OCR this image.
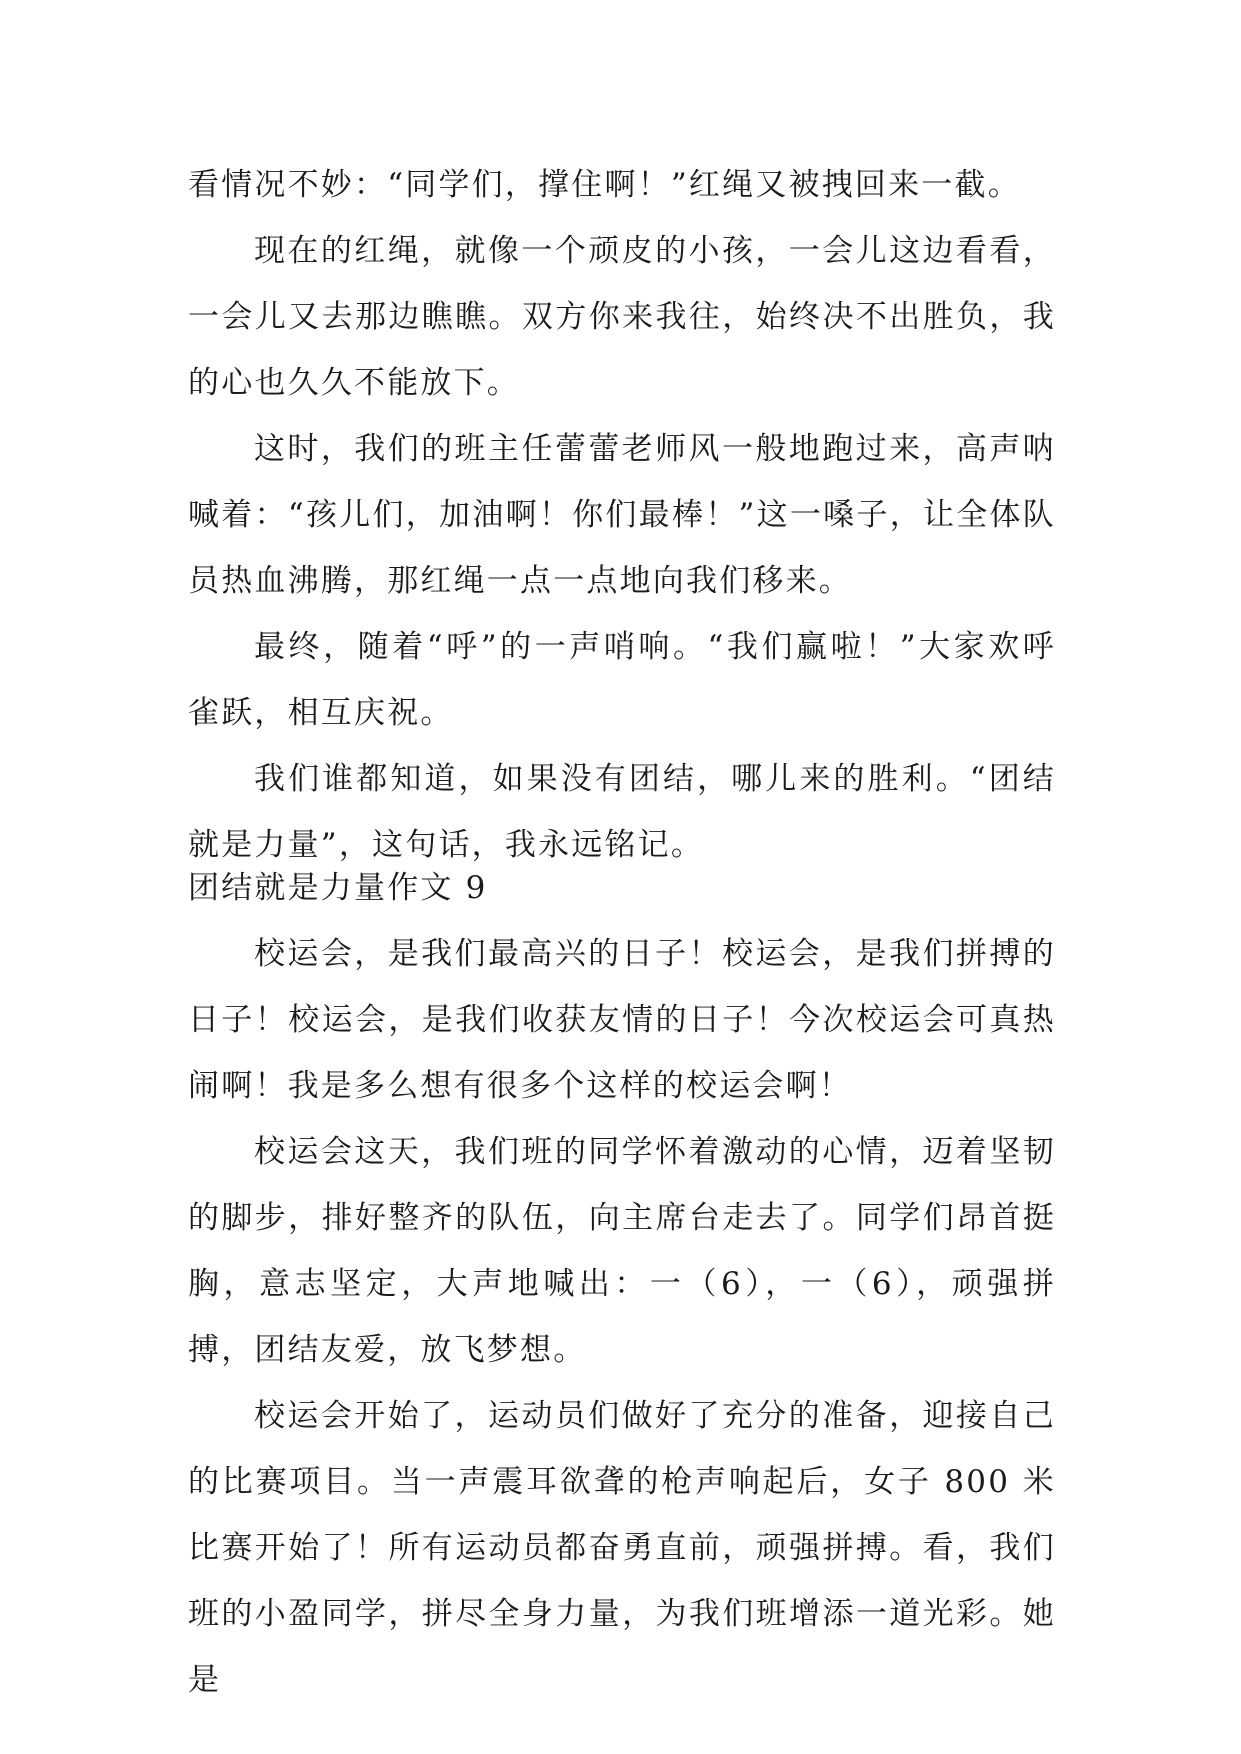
看情况不妙：“同学们，撑住啊！”红绳又被拽回来一截。

现在的红绳，就像一个顽皮的小孩，一会儿这边看看，一会儿又去那边瞧瞧。双方你来我往，始终决不出胜负，我的心也久久不能放下。

这时，我们的班主任蕾蕾老师风一般地跑过来，高声呐喊着：“孩儿们，加油啊！你们最棒！”这一嗓子，让全体队员热血沸腾，那红绳一点一点地向我们移来。

最终，随着“呼”的一声哨响。“我们赢啦！”大家欢呼雀跃，相互庆祝。

我们谁都知道，如果没有团结，哪儿来的胜利。“团结就是力量”，这句话，我永远铭记。

团结就是力量作文 9

校运会，是我们最高兴的日子！校运会，是我们拼搏的日子！校运会，是我们收获友情的日子！今次校运会可真热闹啊！我是多么想有很多个这样的校运会啊！

校运会这天，我们班的同学怀着激动的心情，迈着坚韧的脚步，排好整齐的队伍，向主席台走去了。同学们昂首挺胸，意志坚定，大声地喊出：一（6），一（6），顽强拼搏，团结友爱，放飞梦想。

校运会开始了，运动员们做好了充分的准备，迎接自己的比赛项目。当一声震耳欲聋的枪声响起后，女子 800 米比赛开始了！所有运动员都奋勇直前，顽强拼搏。看，我们班的小盈同学，拼尽全身力量，为我们班增添一道光彩。她是
